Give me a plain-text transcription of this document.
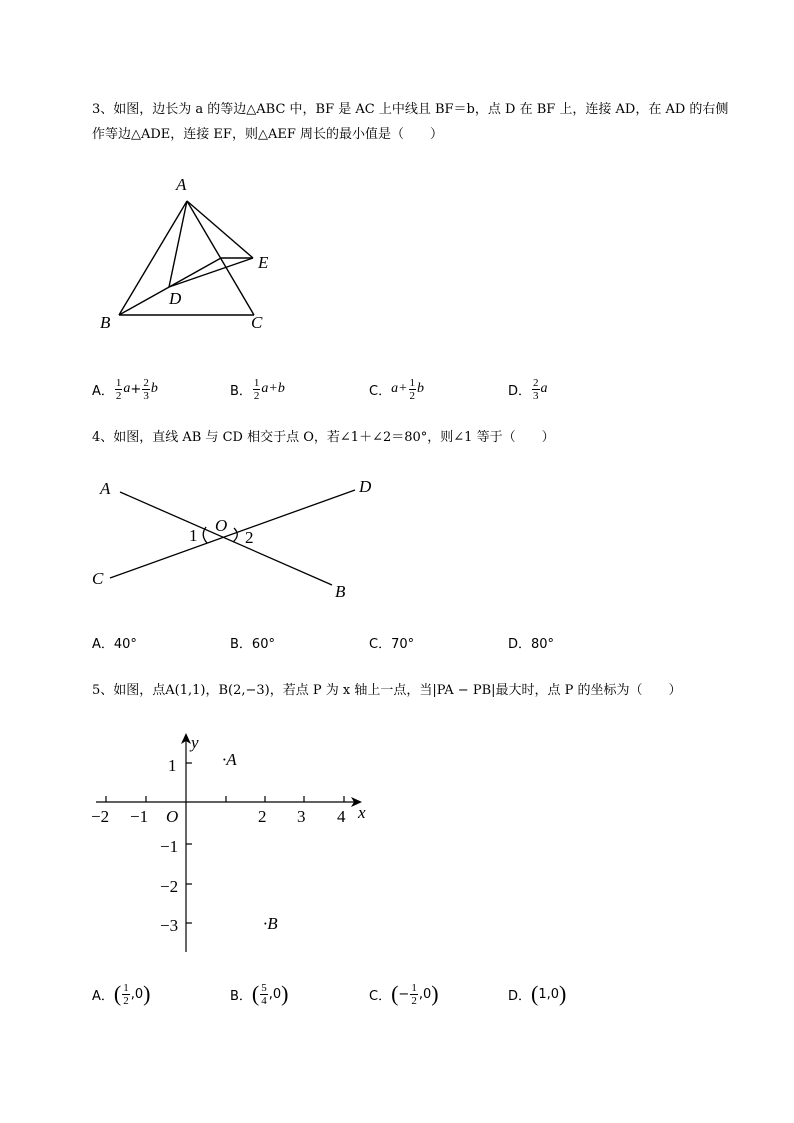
3、如图，边长为 a 的等边△ABC 中，BF 是 AC 上中线且 BF＝b，点 D 在 BF 上，连接 AD，在 AD 的右侧
作等边△ADE，连接 EF，则△AEF 周长的最小值是（　　）
A
B	C
D
E
A． $\frac{1}{2}$ $a + \frac{2}{3}$ b	B． $\frac{1}{2} a+b$	C． $a+ \frac{1}{2}$ b	D． $\frac{2}{3}$ a
4、如图，直线 AB 与 CD 相交于点 O，若∠1＋∠2＝80°，则∠1 等于（　　）
A	D
O
1	2
C
B
A．40°	B．60°	C．70°	D．80°
5、如图，点A(1,1)，B(2,−3)，若点 P 为 x 轴上一点，当|PA − PB|最大时，点 P 的坐标为（　　）
y
x
O
−2 −1	2 3 4
1
−1
−2
−3
·A
·B
A． ( $\frac{1}{2} ,0$ )	B． ( $\frac{5}{4} ,0$ )	C． ( − $\frac{1}{2} ,0$ )	D． ( 1,0 )
